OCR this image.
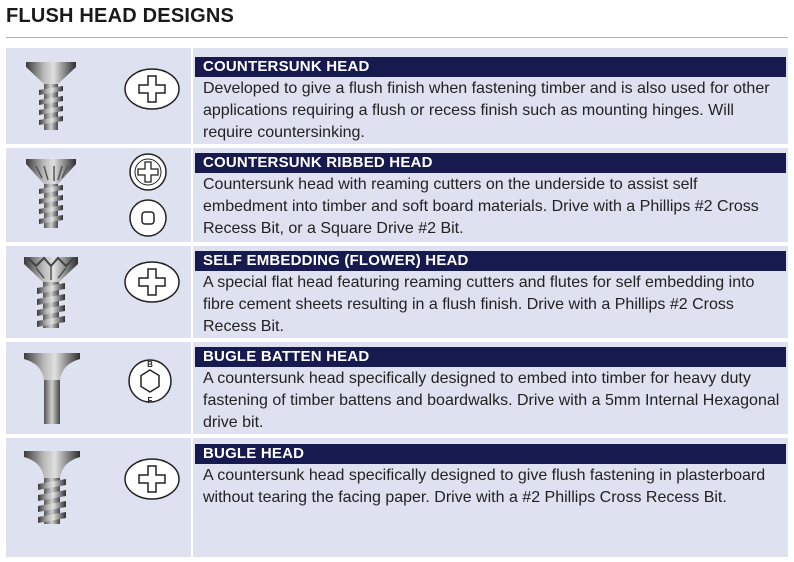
FLUSH HEAD DESIGNS
COUNTERSUNK HEAD
Developed to give a flush finish when fastening timber and is also used for other applications requiring a flush or recess finish such as mounting hinges. Will require countersinking.
COUNTERSUNK RIBBED HEAD
Countersunk head with reaming cutters on the underside to assist self embedment into timber and soft board materials. Drive with a Phillips #2 Cross Recess Bit, or a Square Drive #2 Bit.
SELF EMBEDDING (FLOWER) HEAD
A special flat head featuring reaming cutters and flutes for self embedding into fibre cement sheets resulting in a flush finish. Drive with a Phillips #2 Cross Recess Bit.
B
F
BUGLE BATTEN HEAD
A countersunk head specifically designed to embed into timber for heavy duty fastening of timber battens and boardwalks. Drive with a 5mm Internal Hexagonal drive bit.
BUGLE HEAD
A countersunk head specifically designed to give flush fastening in plasterboard without tearing the facing paper. Drive with a #2 Phillips Cross Recess Bit.
